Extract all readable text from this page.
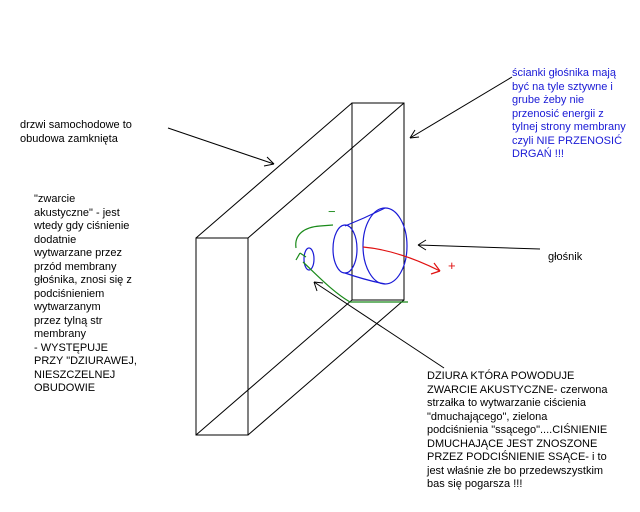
drzwi samochodowe to
obudowa zamknięta
ścianki głośnika mają
być na tyle sztywne i
grube żeby nie
przenosić energii z
tylnej strony membrany
czyli NIE PRZENOSIĆ
DRGAŃ !!!
"zwarcie
akustyczne" - jest
wtedy gdy ciśnienie
dodatnie
wytwarzane przez
przód membrany
głośnika, znosi się z
podciśnieniem
wytwarzanym
przez tylną str
membrany
- WYSTĘPUJE
PRZY "DZIURAWEJ,
NIESZCZELNEJ
OBUDOWIE
głośnik
DZIURA KTÓRA POWODUJE
ZWARCIE AKUSTYCZNE- czerwona
strzałka to wytwarzanie ciścienia
"dmuchającego", zielona
podciśnienia "ssącego"....CIŚNIENIE
DMUCHAJĄCE JEST ZNOSZONE
PRZEZ PODCIŚNIENIE SSĄCE- i to
jest właśnie złe bo przedewszystkim
bas się pogarsza !!!
−
+
